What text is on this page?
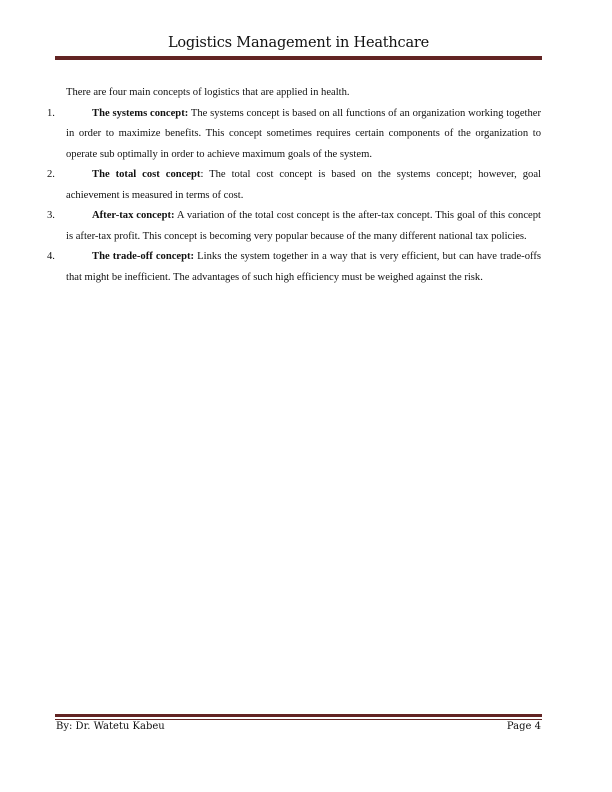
Logistics Management in Heathcare
There are four main concepts of logistics that are applied in health.
1.	The systems concept: The systems concept is based on all functions of an organization working together in order to maximize benefits. This concept sometimes requires certain components of the organization to operate sub optimally in order to achieve maximum goals of the system.
2.	The total cost concept: The total cost concept is based on the systems concept; however, goal achievement is measured in terms of cost.
3.	After-tax concept: A variation of the total cost concept is the after-tax concept. This goal of this concept is after-tax profit. This concept is becoming very popular because of the many different national tax policies.
4.	The trade-off concept: Links the system together in a way that is very efficient, but can have trade-offs that might be inefficient. The advantages of such high efficiency must be weighed against the risk.
By: Dr. Watetu Kabeu	Page 4
